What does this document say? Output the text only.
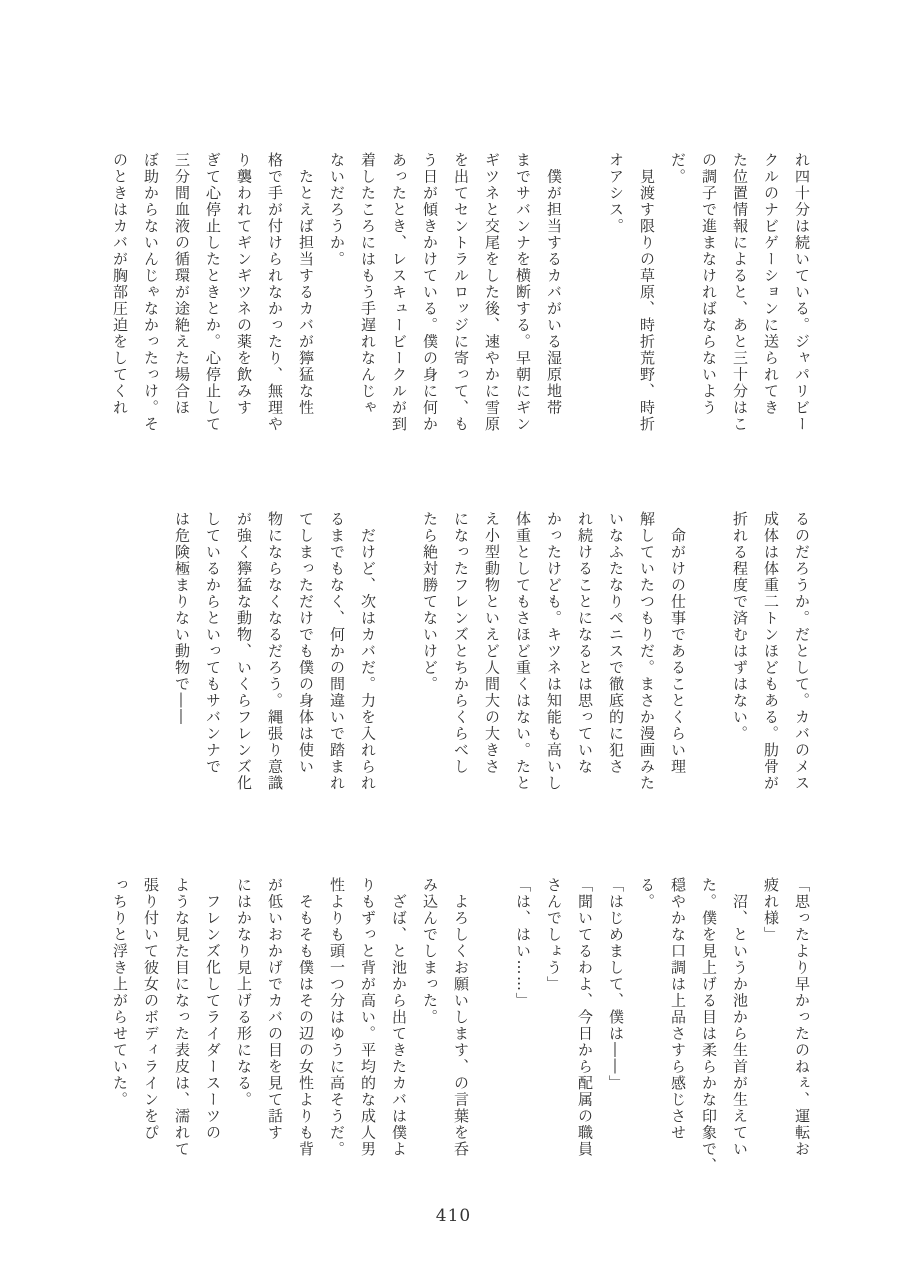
れ四十分は続いている。ジャパリビー

クルのナビゲーションに送られてき

た位置情報によると、あと三十分はこ

の調子で進まなければならないよう

だ。

　見渡す限りの草原、時折荒野、時折

オアシス。

　僕が担当するカバがいる湿原地帯

までサバンナを横断する。早朝にギン

ギツネと交尾をした後、速やかに雪原

を出てセントラルロッジに寄って、も

う日が傾きかけている。僕の身に何か

あったとき、レスキュービークルが到

着したころにはもう手遅れなんじゃ

ないだろうか。

　たとえば担当するカバが獰猛な性

格で手が付けられなかったり、無理や

り襲われてギンギツネの薬を飲みす

ぎて心停止したときとか。心停止して

三分間血液の循環が途絶えた場合ほ

ぼ助からないんじゃなかったっけ。そ

のときはカバが胸部圧迫をしてくれ

るのだろうか。だとして。カバのメス

成体は体重二トンほどもある。肋骨が

折れる程度で済むはずはない。

　命がけの仕事であることくらい理

解していたつもりだ。まさか漫画みた

いなふたなりペニスで徹底的に犯さ

れ続けることになるとは思っていな

かったけども。キツネは知能も高いし

体重としてもさほど重くはない。たと

え小型動物といえど人間大の大きさ

になったフレンズとちからくらべし

たら絶対勝てないけど。

　だけど、次はカバだ。力を入れられ

るまでもなく、何かの間違いで踏まれ

てしまっただけでも僕の身体は使い

物にならなくなるだろう。縄張り意識

が強く獰猛な動物、いくらフレンズ化

しているからといってもサバンナで

は危険極まりない動物で――

「思ったより早かったのねぇ、運転お

疲れ様」

　沼、というか池から生首が生えてい

た。僕を見上げる目は柔らかな印象で、

穏やかな口調は上品さすら感じさせ

る。

「はじめまして、僕は――」

「聞いてるわよ、今日から配属の職員

さんでしょう」

「は、はい……」

　よろしくお願いします、の言葉を呑

み込んでしまった。

　ざば、と池から出てきたカバは僕よ

りもずっと背が高い。平均的な成人男

性よりも頭一つ分はゆうに高そうだ。

　そもそも僕はその辺の女性よりも背

が低いおかげでカバの目を見て話す

にはかなり見上げる形になる。

　フレンズ化してライダースーツの

ような見た目になった表皮は、濡れて

張り付いて彼女のボディラインをぴ

っちりと浮き上がらせていた。

410
